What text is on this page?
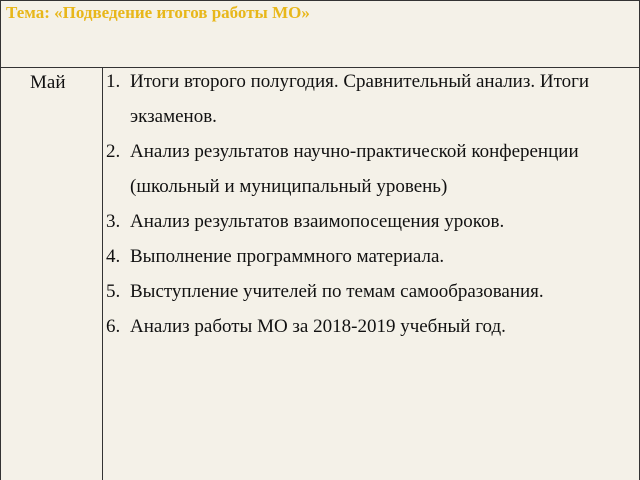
Тема: «Подведение итогов работы МО»
Май 1. Итоги второго полугодия. Сравнительный анализ. Итоги экзаменов.
2. Анализ результатов научно-практической конференции (школьный и муниципальный уровень)
3. Анализ результатов взаимопосещения уроков.
4. Выполнение программного материала.
5. Выступление учителей по темам самообразования.
6. Анализ работы МО за 2018-2019 учебный год.
